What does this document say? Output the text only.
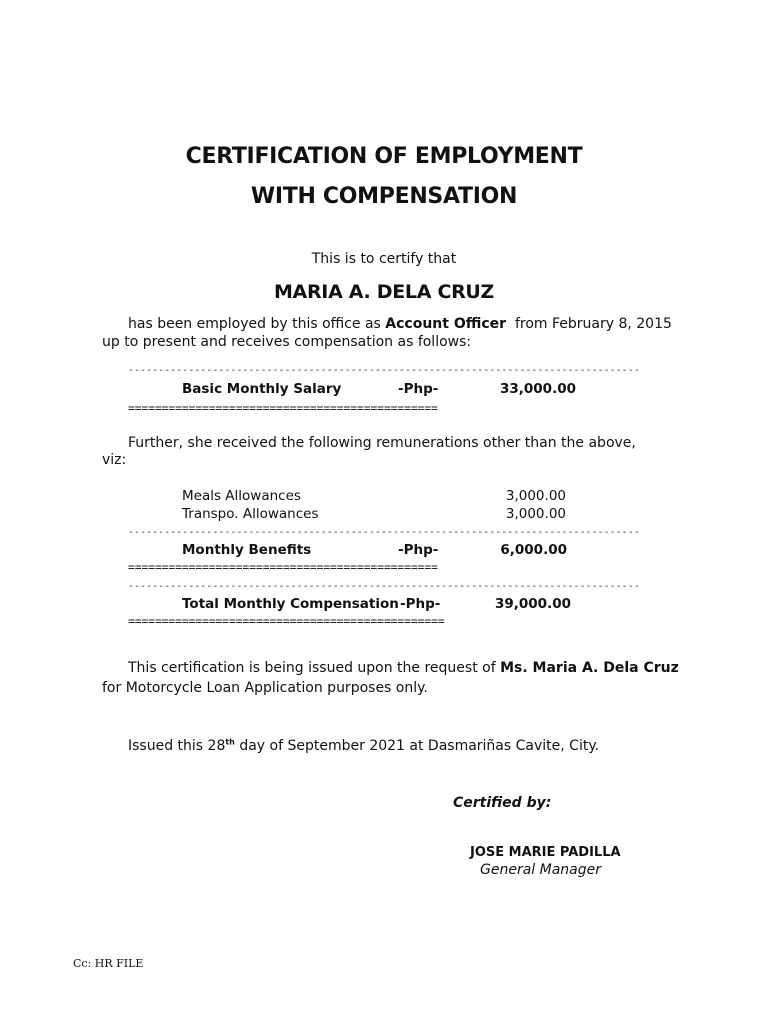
CERTIFICATION OF EMPLOYMENT
WITH COMPENSATION
This is to certify that
MARIA A. DELA CRUZ
has been employed by this office as Account Officer from February 8, 2015
up to present and receives compensation as follows:
-------------------------------------------------------------------------------------
Basic Monthly Salary	-Php-	33,000.00
==============================================
Further, she received the following remunerations other than the above,
viz:
Meals Allowances	3,000.00
Transpo. Allowances	3,000.00
-------------------------------------------------------------------------------------
Monthly Benefits	-Php-	6,000.00
==============================================
-------------------------------------------------------------------------------------
Total Monthly Compensation -Php-	39,000.00
===============================================
This certification is being issued upon the request of Ms. Maria A. Dela Cruz
for Motorcycle Loan Application purposes only.
Issued this 28th day of September 2021 at Dasmariñas Cavite, City.
Certified by:
JOSE MARIE PADILLA
General Manager
Cc: HR FILE
